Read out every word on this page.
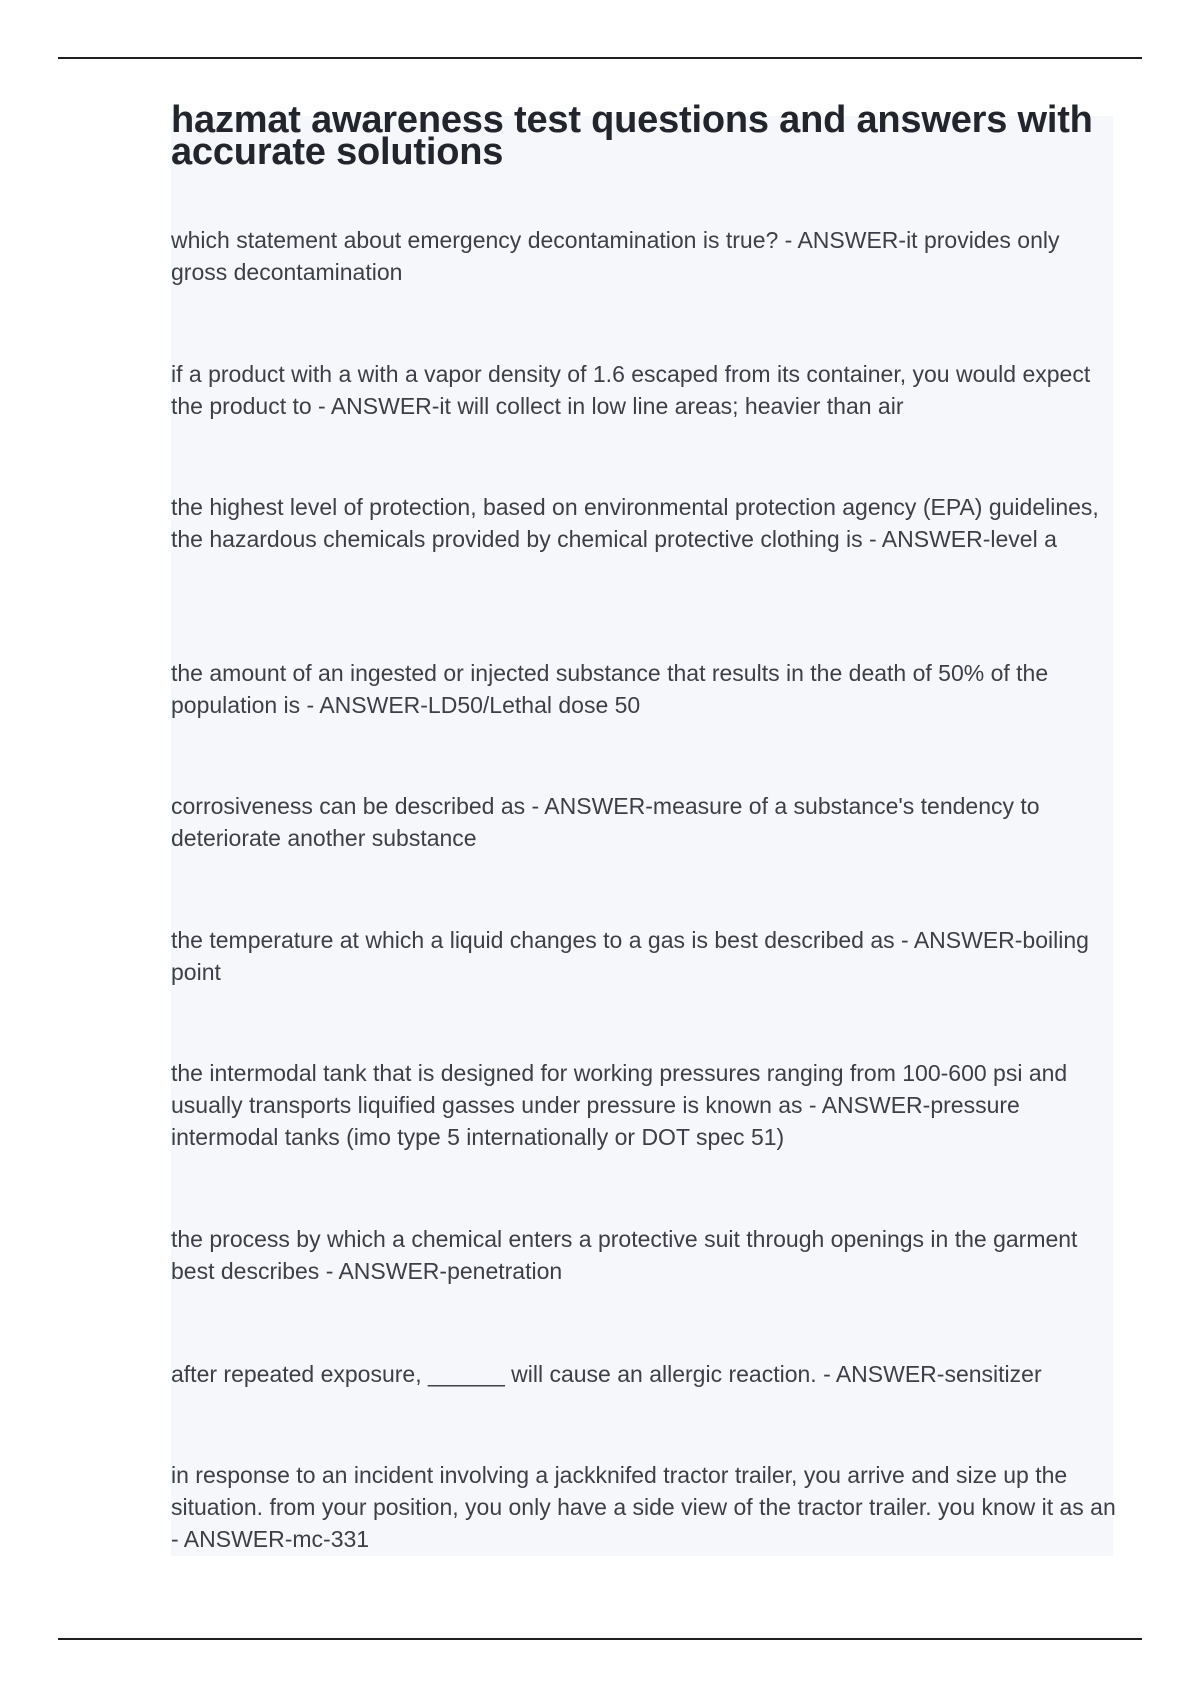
hazmat awareness test questions and answers with accurate solutions
which statement about emergency decontamination is true? - ANSWER-it provides only gross decontamination
if a product with a with a vapor density of 1.6 escaped from its container, you would expect the product to - ANSWER-it will collect in low line areas; heavier than air
the highest level of protection, based on environmental protection agency (EPA) guidelines, the hazardous chemicals provided by chemical protective clothing is - ANSWER-level a
the amount of an ingested or injected substance that results in the death of 50% of the population is - ANSWER-LD50/Lethal dose 50
corrosiveness can be described as - ANSWER-measure of a substance's tendency to deteriorate another substance
the temperature at which a liquid changes to a gas is best described as - ANSWER-boiling point
the intermodal tank that is designed for working pressures ranging from 100-600 psi and usually transports liquified gasses under pressure is known as - ANSWER-pressure intermodal tanks (imo type 5 internationally or DOT spec 51)
the process by which a chemical enters a protective suit through openings in the garment best describes - ANSWER-penetration
after repeated exposure, ______ will cause an allergic reaction. - ANSWER-sensitizer
in response to an incident involving a jackknifed tractor trailer, you arrive and size up the situation. from your position, you only have a side view of the tractor trailer. you know it as an - ANSWER-mc-331
